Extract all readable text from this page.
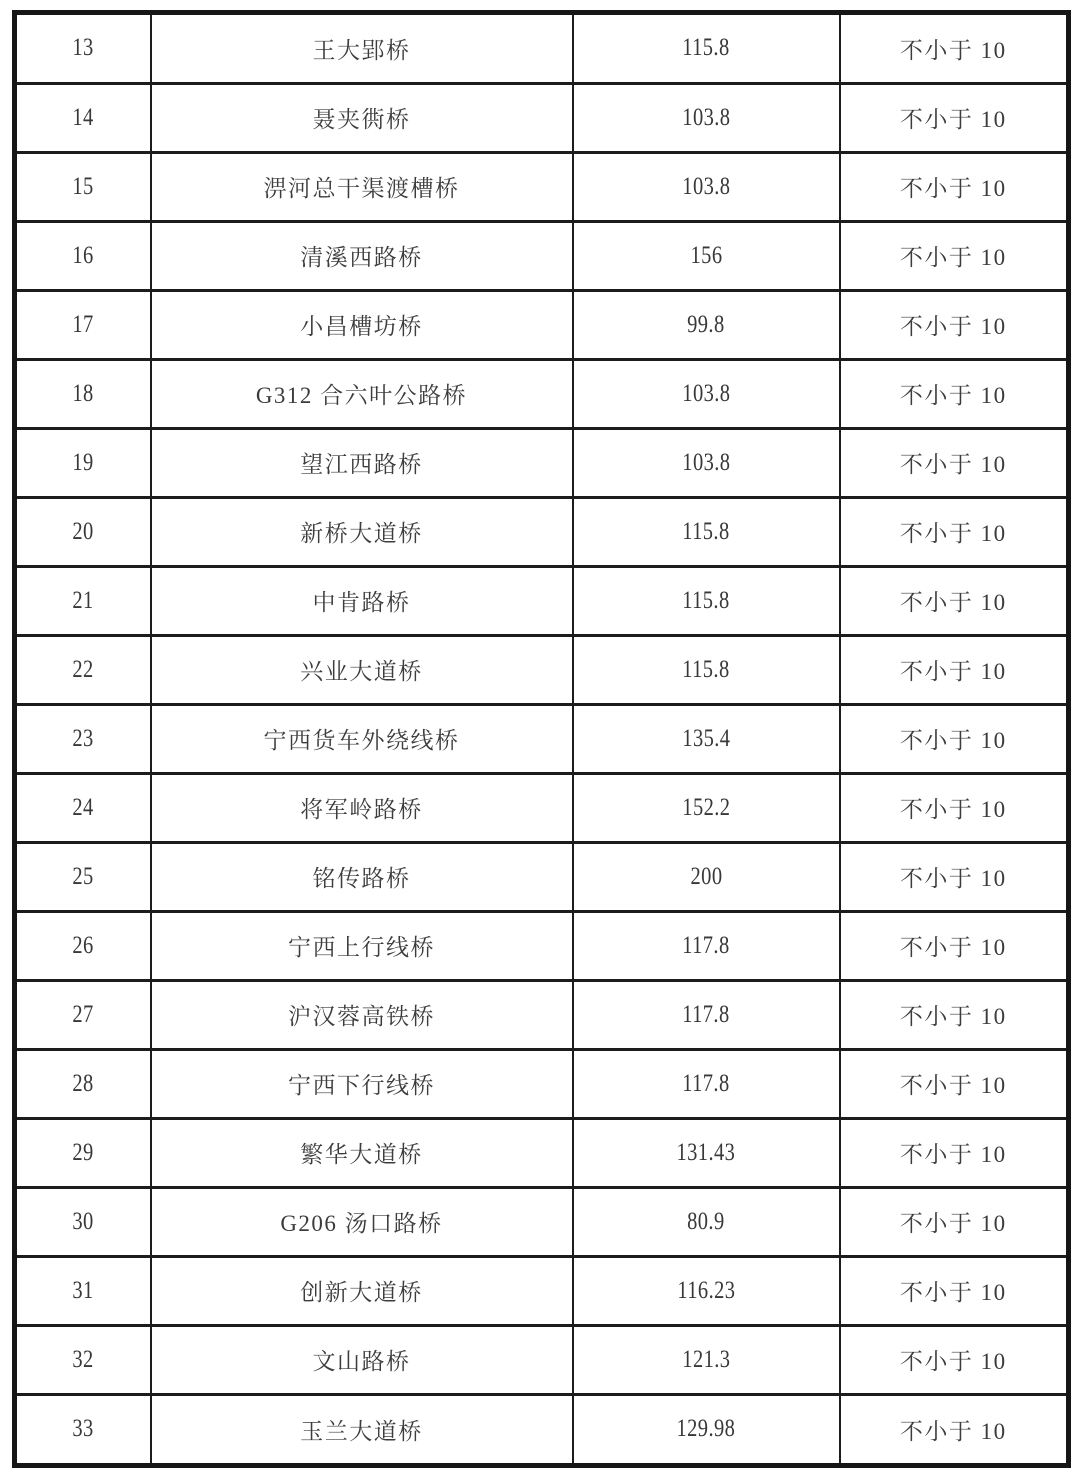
13	王大郢桥	115.8	不小于 10
14	聂夹衖桥	103.8	不小于 10
15	淠河总干渠渡槽桥	103.8	不小于 10
16	清溪西路桥	156	不小于 10
17	小昌槽坊桥	99.8	不小于 10
18	G312 合六叶公路桥	103.8	不小于 10
19	望江西路桥	103.8	不小于 10
20	新桥大道桥	115.8	不小于 10
21	中肯路桥	115.8	不小于 10
22	兴业大道桥	115.8	不小于 10
23	宁西货车外绕线桥	135.4	不小于 10
24	将军岭路桥	152.2	不小于 10
25	铭传路桥	200	不小于 10
26	宁西上行线桥	117.8	不小于 10
27	沪汉蓉高铁桥	117.8	不小于 10
28	宁西下行线桥	117.8	不小于 10
29	繁华大道桥	131.43	不小于 10
30	G206 汤口路桥	80.9	不小于 10
31	创新大道桥	116.23	不小于 10
32	文山路桥	121.3	不小于 10
33	玉兰大道桥	129.98	不小于 10
